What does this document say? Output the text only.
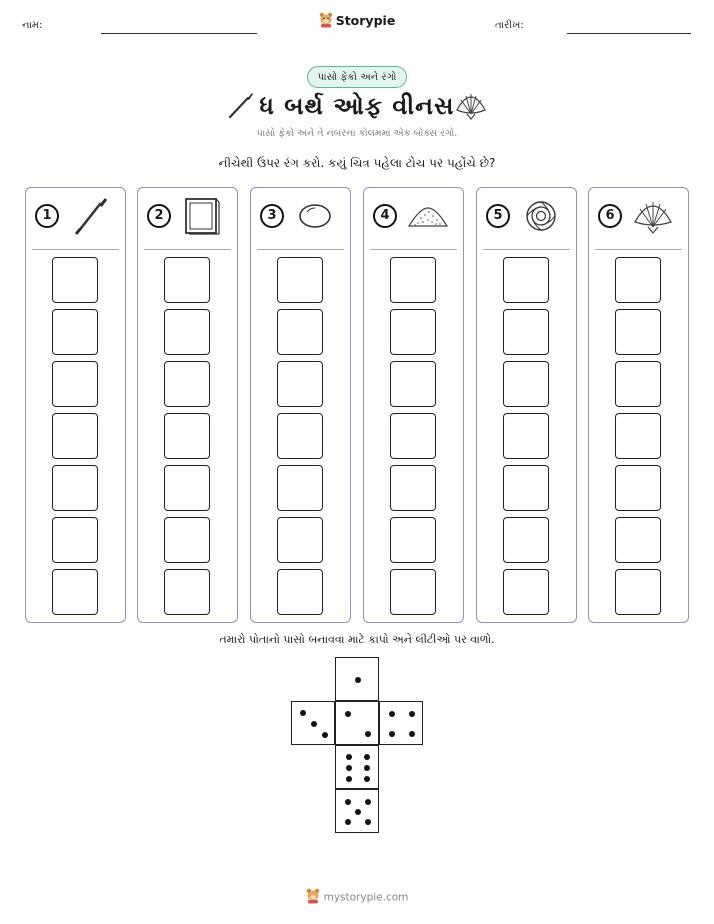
નામ:	Storypie	તારીખ:
પાસો ફેંકો અને રંગો
ધ બર્થ ઓફ વીનસ
પાસો ફેંકો અને તે નંબરના કોલમમાં એક બોક્સ રંગો.
નીચેથી ઉપર રંગ કરો. કયું ચિત્ર પહેલા ટોચ પર પહોંચે છે?
1	2	3	4	5	6
તમારો પોતાનો પાસો બનાવવા માટે કાપો અને લીટીઓ પર વાળો.
mystorypie.com
